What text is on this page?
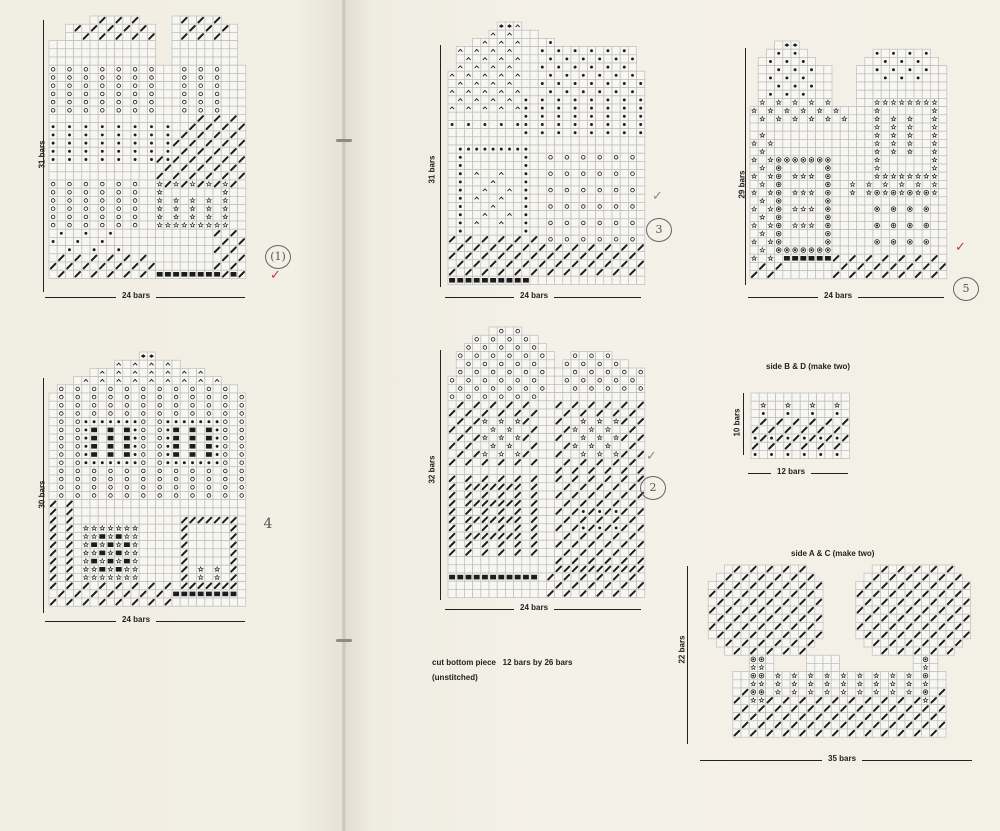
31 bars
24 bars
(1)
✓
30 bars
24 bars
4
31 bars
24 bars
3
✓
32 bars
24 bars
2
✓
29 bars
24 bars
5
✓
side B & D (make two)
10 bars
12 bars
side A & C (make two)
22 bars
35 bars
cut bottom piece   12 bars by 26 bars
(unstitched)
